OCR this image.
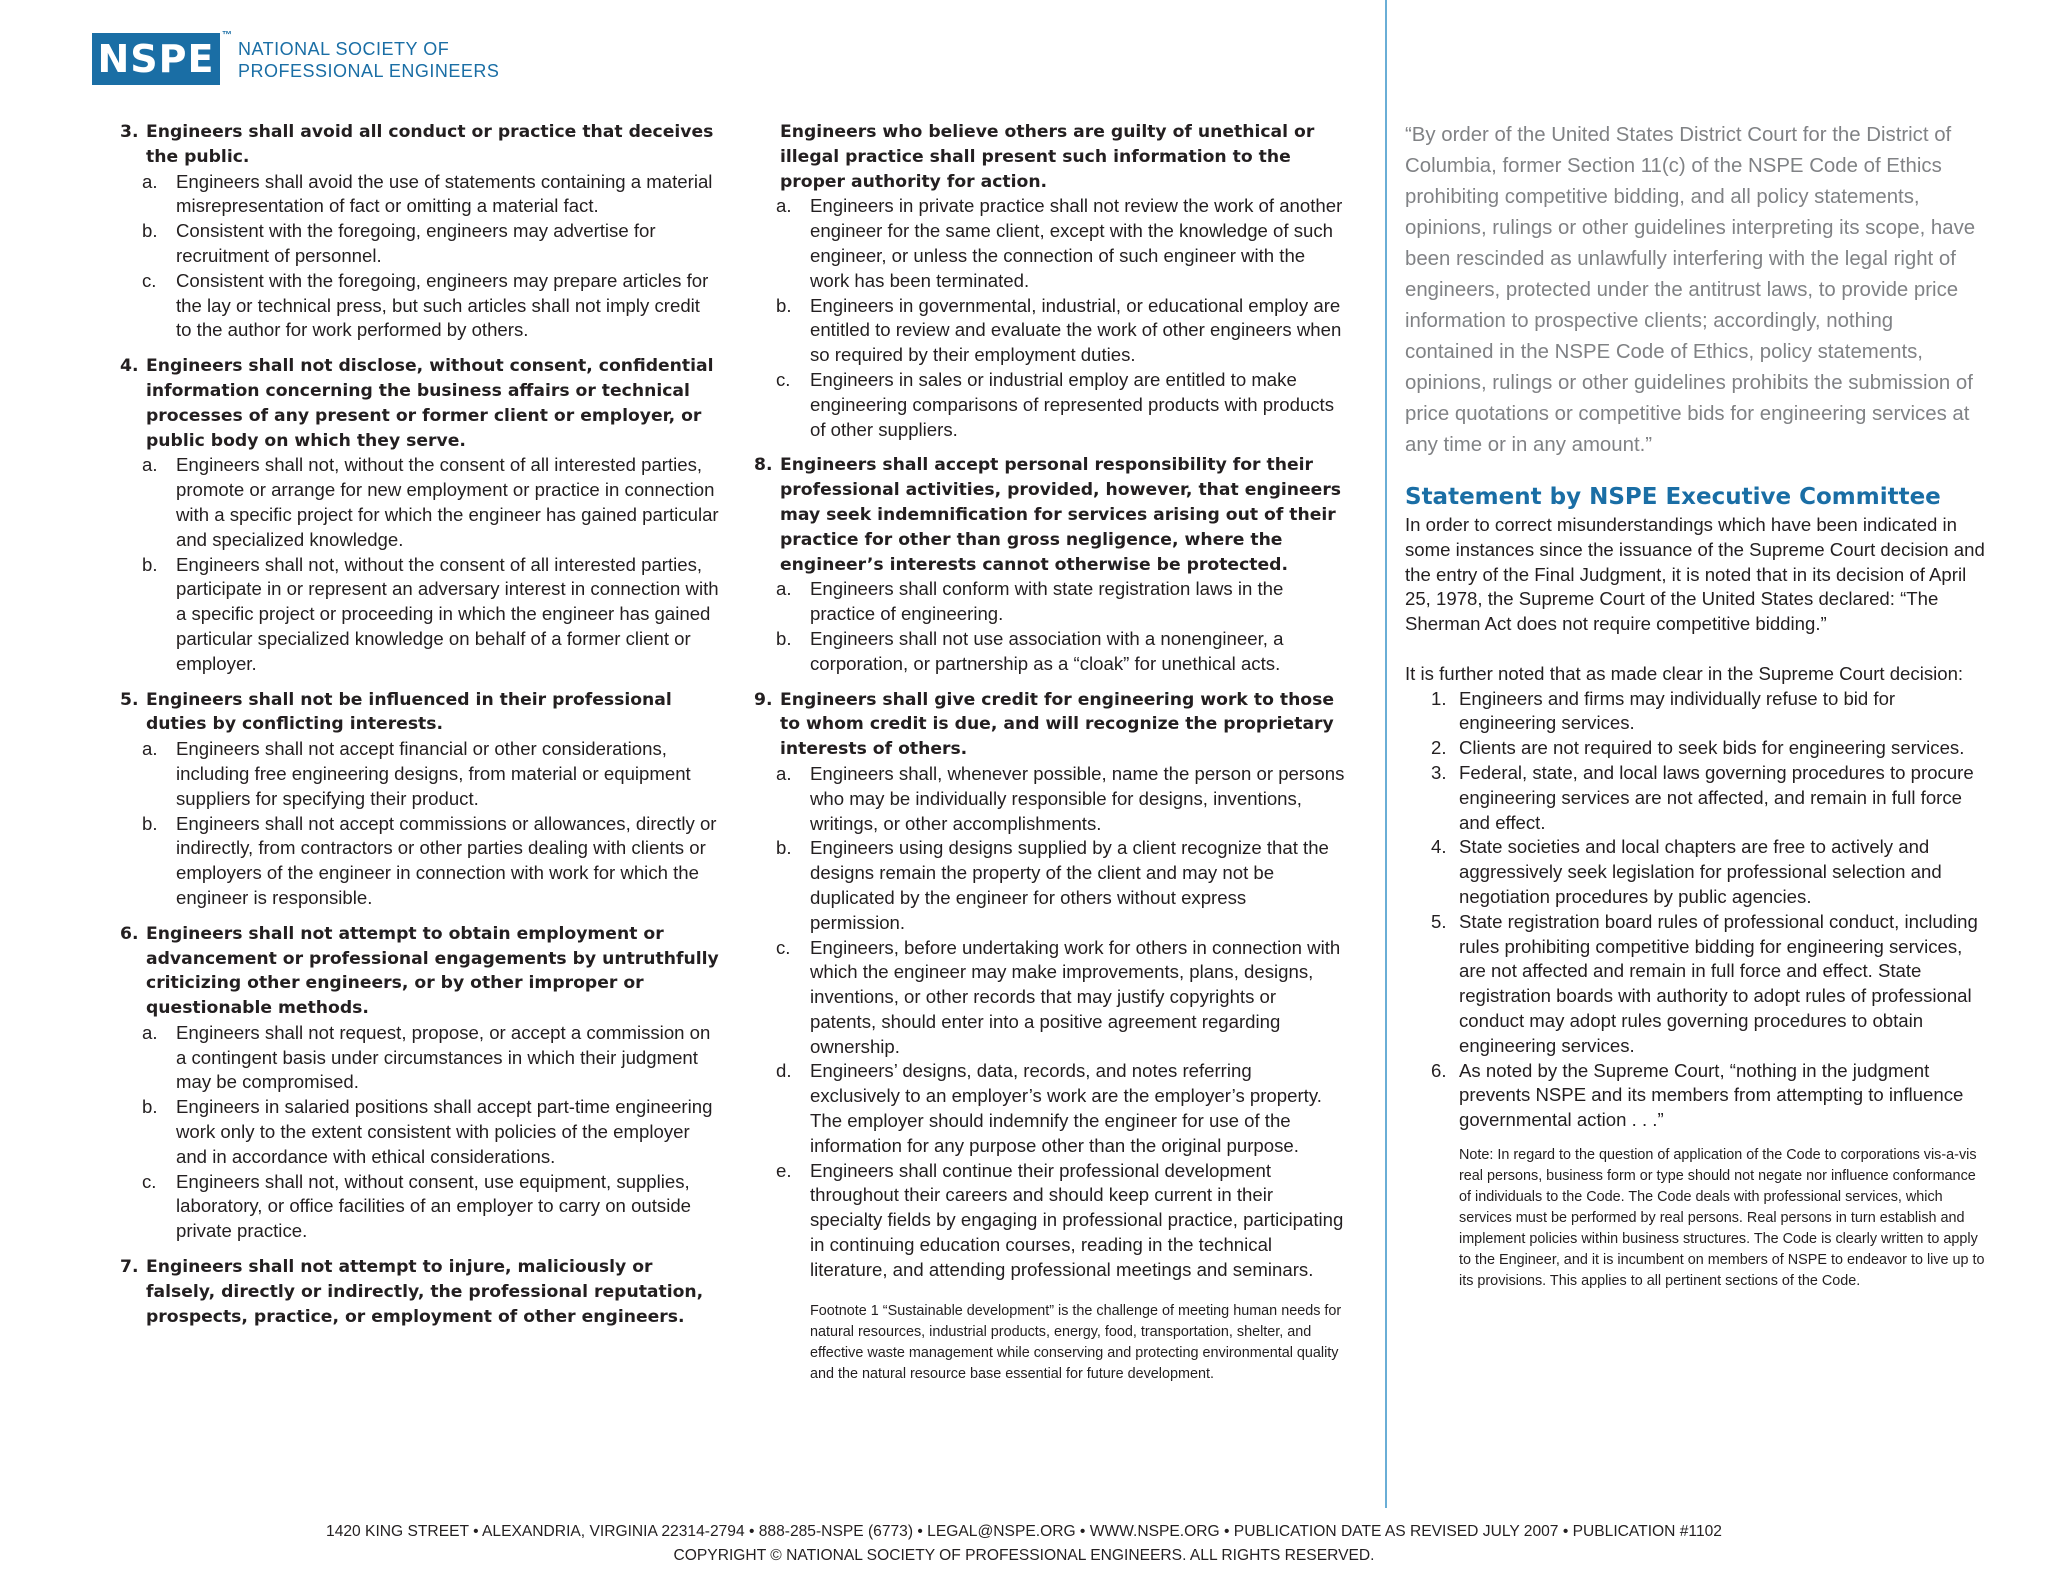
NSPE
™
NATIONAL SOCIETY OF
PROFESSIONAL ENGINEERS
3. Engineers shall avoid all conduct or practice that deceives the public.
a. Engineers shall avoid the use of statements containing a material misrepresentation of fact or omitting a material fact.
b. Consistent with the foregoing, engineers may advertise for recruitment of personnel.
c. Consistent with the foregoing, engineers may prepare articles for the lay or technical press, but such articles shall not imply credit to the author for work performed by others.
4. Engineers shall not disclose, without consent, confidential information concerning the business affairs or technical processes of any present or former client or employer, or public body on which they serve.
a. Engineers shall not, without the consent of all interested parties, promote or arrange for new employment or practice in connection with a specific project for which the engineer has gained particular and specialized knowledge.
b. Engineers shall not, without the consent of all interested parties, participate in or represent an adversary interest in connection with a specific project or proceeding in which the engineer has gained particular specialized knowledge on behalf of a former client or employer.
5. Engineers shall not be influenced in their professional duties by conflicting interests.
a. Engineers shall not accept financial or other considerations, including free engineering designs, from material or equipment suppliers for specifying their product.
b. Engineers shall not accept commissions or allowances, directly or indirectly, from contractors or other parties dealing with clients or employers of the engineer in connection with work for which the engineer is responsible.
6. Engineers shall not attempt to obtain employment or advancement or professional engagements by untruthfully criticizing other engineers, or by other improper or questionable methods.
a. Engineers shall not request, propose, or accept a commission on a contingent basis under circumstances in which their judgment may be compromised.
b. Engineers in salaried positions shall accept part-time engineering work only to the extent consistent with policies of the employer and in accordance with ethical considerations.
c. Engineers shall not, without consent, use equipment, supplies, laboratory, or office facilities of an employer to carry on outside private practice.
7. Engineers shall not attempt to injure, maliciously or falsely, directly or indirectly, the professional reputation, prospects, practice, or employment of other engineers.
Engineers who believe others are guilty of unethical or illegal practice shall present such information to the proper authority for action.
a. Engineers in private practice shall not review the work of another engineer for the same client, except with the knowledge of such engineer, or unless the connection of such engineer with the work has been terminated.
b. Engineers in governmental, industrial, or educational employ are entitled to review and evaluate the work of other engineers when so required by their employment duties.
c. Engineers in sales or industrial employ are entitled to make engineering comparisons of represented products with products of other suppliers.
8. Engineers shall accept personal responsibility for their professional activities, provided, however, that engineers may seek indemnification for services arising out of their practice for other than gross negligence, where the engineer’s interests cannot otherwise be protected.
a. Engineers shall conform with state registration laws in the practice of engineering.
b. Engineers shall not use association with a nonengineer, a corporation, or partnership as a “cloak” for unethical acts.
9. Engineers shall give credit for engineering work to those to whom credit is due, and will recognize the proprietary interests of others.
a. Engineers shall, whenever possible, name the person or persons who may be individually responsible for designs, inventions, writings, or other accomplishments.
b. Engineers using designs supplied by a client recognize that the designs remain the property of the client and may not be duplicated by the engineer for others without express permission.
c. Engineers, before undertaking work for others in connection with which the engineer may make improvements, plans, designs, inventions, or other records that may justify copyrights or patents, should enter into a positive agreement regarding ownership.
d. Engineers’ designs, data, records, and notes referring exclusively to an employer’s work are the employer’s property. The employer should indemnify the engineer for use of the information for any purpose other than the original purpose.
e. Engineers shall continue their professional development throughout their careers and should keep current in their specialty fields by engaging in professional practice, participating in continuing education courses, reading in the technical literature, and attending professional meetings and seminars.
Footnote 1 “Sustainable development” is the challenge of meeting human needs for natural resources, industrial products, energy, food, transportation, shelter, and effective waste management while conserving and protecting environmental quality and the natural resource base essential for future development.
“By order of the United States District Court for the District of Columbia, former Section 11(c) of the NSPE Code of Ethics prohibiting competitive bidding, and all policy statements, opinions, rulings or other guidelines interpreting its scope, have been rescinded as unlawfully interfering with the legal right of engineers, protected under the antitrust laws, to provide price information to prospective clients; accordingly, nothing contained in the NSPE Code of Ethics, policy statements, opinions, rulings or other guidelines prohibits the submission of price quotations or competitive bids for engineering services at any time or in any amount.”
Statement by NSPE Executive Committee
In order to correct misunderstandings which have been indicated in some instances since the issuance of the Supreme Court decision and the entry of the Final Judgment, it is noted that in its decision of April 25, 1978, the Supreme Court of the United States declared: “The Sherman Act does not require competitive bidding.”
It is further noted that as made clear in the Supreme Court decision:
1. Engineers and firms may individually refuse to bid for engineering services.
2. Clients are not required to seek bids for engineering services.
3. Federal, state, and local laws governing procedures to procure engineering services are not affected, and remain in full force and effect.
4. State societies and local chapters are free to actively and aggressively seek legislation for professional selection and negotiation procedures by public agencies.
5. State registration board rules of professional conduct, including rules prohibiting competitive bidding for engineering services, are not affected and remain in full force and effect. State registration boards with authority to adopt rules of professional conduct may adopt rules governing procedures to obtain engineering services.
6. As noted by the Supreme Court, “nothing in the judgment prevents NSPE and its members from attempting to influence governmental action . . .”
Note: In regard to the question of application of the Code to corporations vis-a-vis real persons, business form or type should not negate nor influence conformance of individuals to the Code. The Code deals with professional services, which services must be performed by real persons. Real persons in turn establish and implement policies within business structures. The Code is clearly written to apply to the Engineer, and it is incumbent on members of NSPE to endeavor to live up to its provisions. This applies to all pertinent sections of the Code.
1420 KING STREET • ALEXANDRIA, VIRGINIA 22314-2794 • 888-285-NSPE (6773) • LEGAL@NSPE.ORG • WWW.NSPE.ORG • PUBLICATION DATE AS REVISED JULY 2007 • PUBLICATION #1102
COPYRIGHT © NATIONAL SOCIETY OF PROFESSIONAL ENGINEERS. ALL RIGHTS RESERVED.
